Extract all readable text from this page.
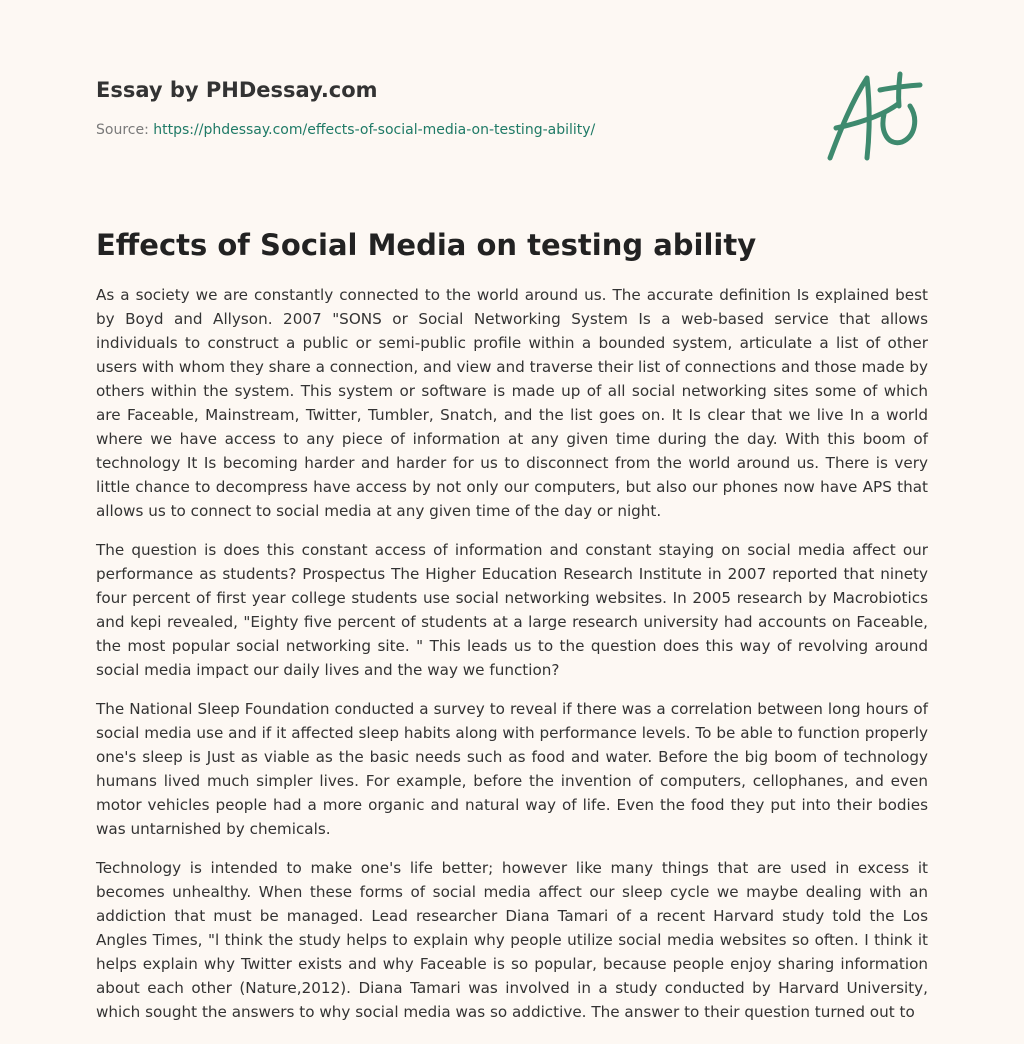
Essay by PHDessay.com
Source: https://phdessay.com/effects-of-social-media-on-testing-ability/
Effects of Social Media on testing ability

As a society we are constantly connected to the world around us. The accurate definition Is explained best by Boyd and Allyson. 2007 "SONS or Social Networking System Is a web-based service that allows individuals to construct a public or semi-public profile within a bounded system, articulate a list of other users with whom they share a connection, and view and traverse their list of connections and those made by others within the system. This system or software is made up of all social networking sites some of which are Faceable, Mainstream, Twitter, Tumbler, Snatch, and the list goes on. It Is clear that we live In a world where we have access to any piece of information at any given time during the day. With this boom of technology It Is becoming harder and harder for us to disconnect from the world around us. There is very little chance to decompress have access by not only our computers, but also our phones now have APS that allows us to connect to social media at any given time of the day or night.

The question is does this constant access of information and constant staying on social media affect our performance as students? Prospectus The Higher Education Research Institute in 2007 reported that ninety four percent of first year college students use social networking websites. In 2005 research by Macrobiotics and kepi revealed, "Eighty five percent of students at a large research university had accounts on Faceable, the most popular social networking site. " This leads us to the question does this way of revolving around social media impact our daily lives and the way we function?

The National Sleep Foundation conducted a survey to reveal if there was a correlation between long hours of social media use and if it affected sleep habits along with performance levels. To be able to function properly one's sleep is Just as viable as the basic needs such as food and water. Before the big boom of technology humans lived much simpler lives. For example, before the invention of computers, cellophanes, and even motor vehicles people had a more organic and natural way of life. Even the food they put into their bodies was untarnished by chemicals.

Technology is intended to make one's life better; however like many things that are used in excess it becomes unhealthy. When these forms of social media affect our sleep cycle we maybe dealing with an addiction that must be managed. Lead researcher Diana Tamari of a recent Harvard study told the Los Angles Times, "l think the study helps to explain why people utilize social media websites so often. I think it helps explain why Twitter exists and why Faceable is so popular, because people enjoy sharing information about each other (Nature,2012). Diana Tamari was involved in a study conducted by Harvard University, which sought the answers to why social media was so addictive. The answer to their question turned out to
